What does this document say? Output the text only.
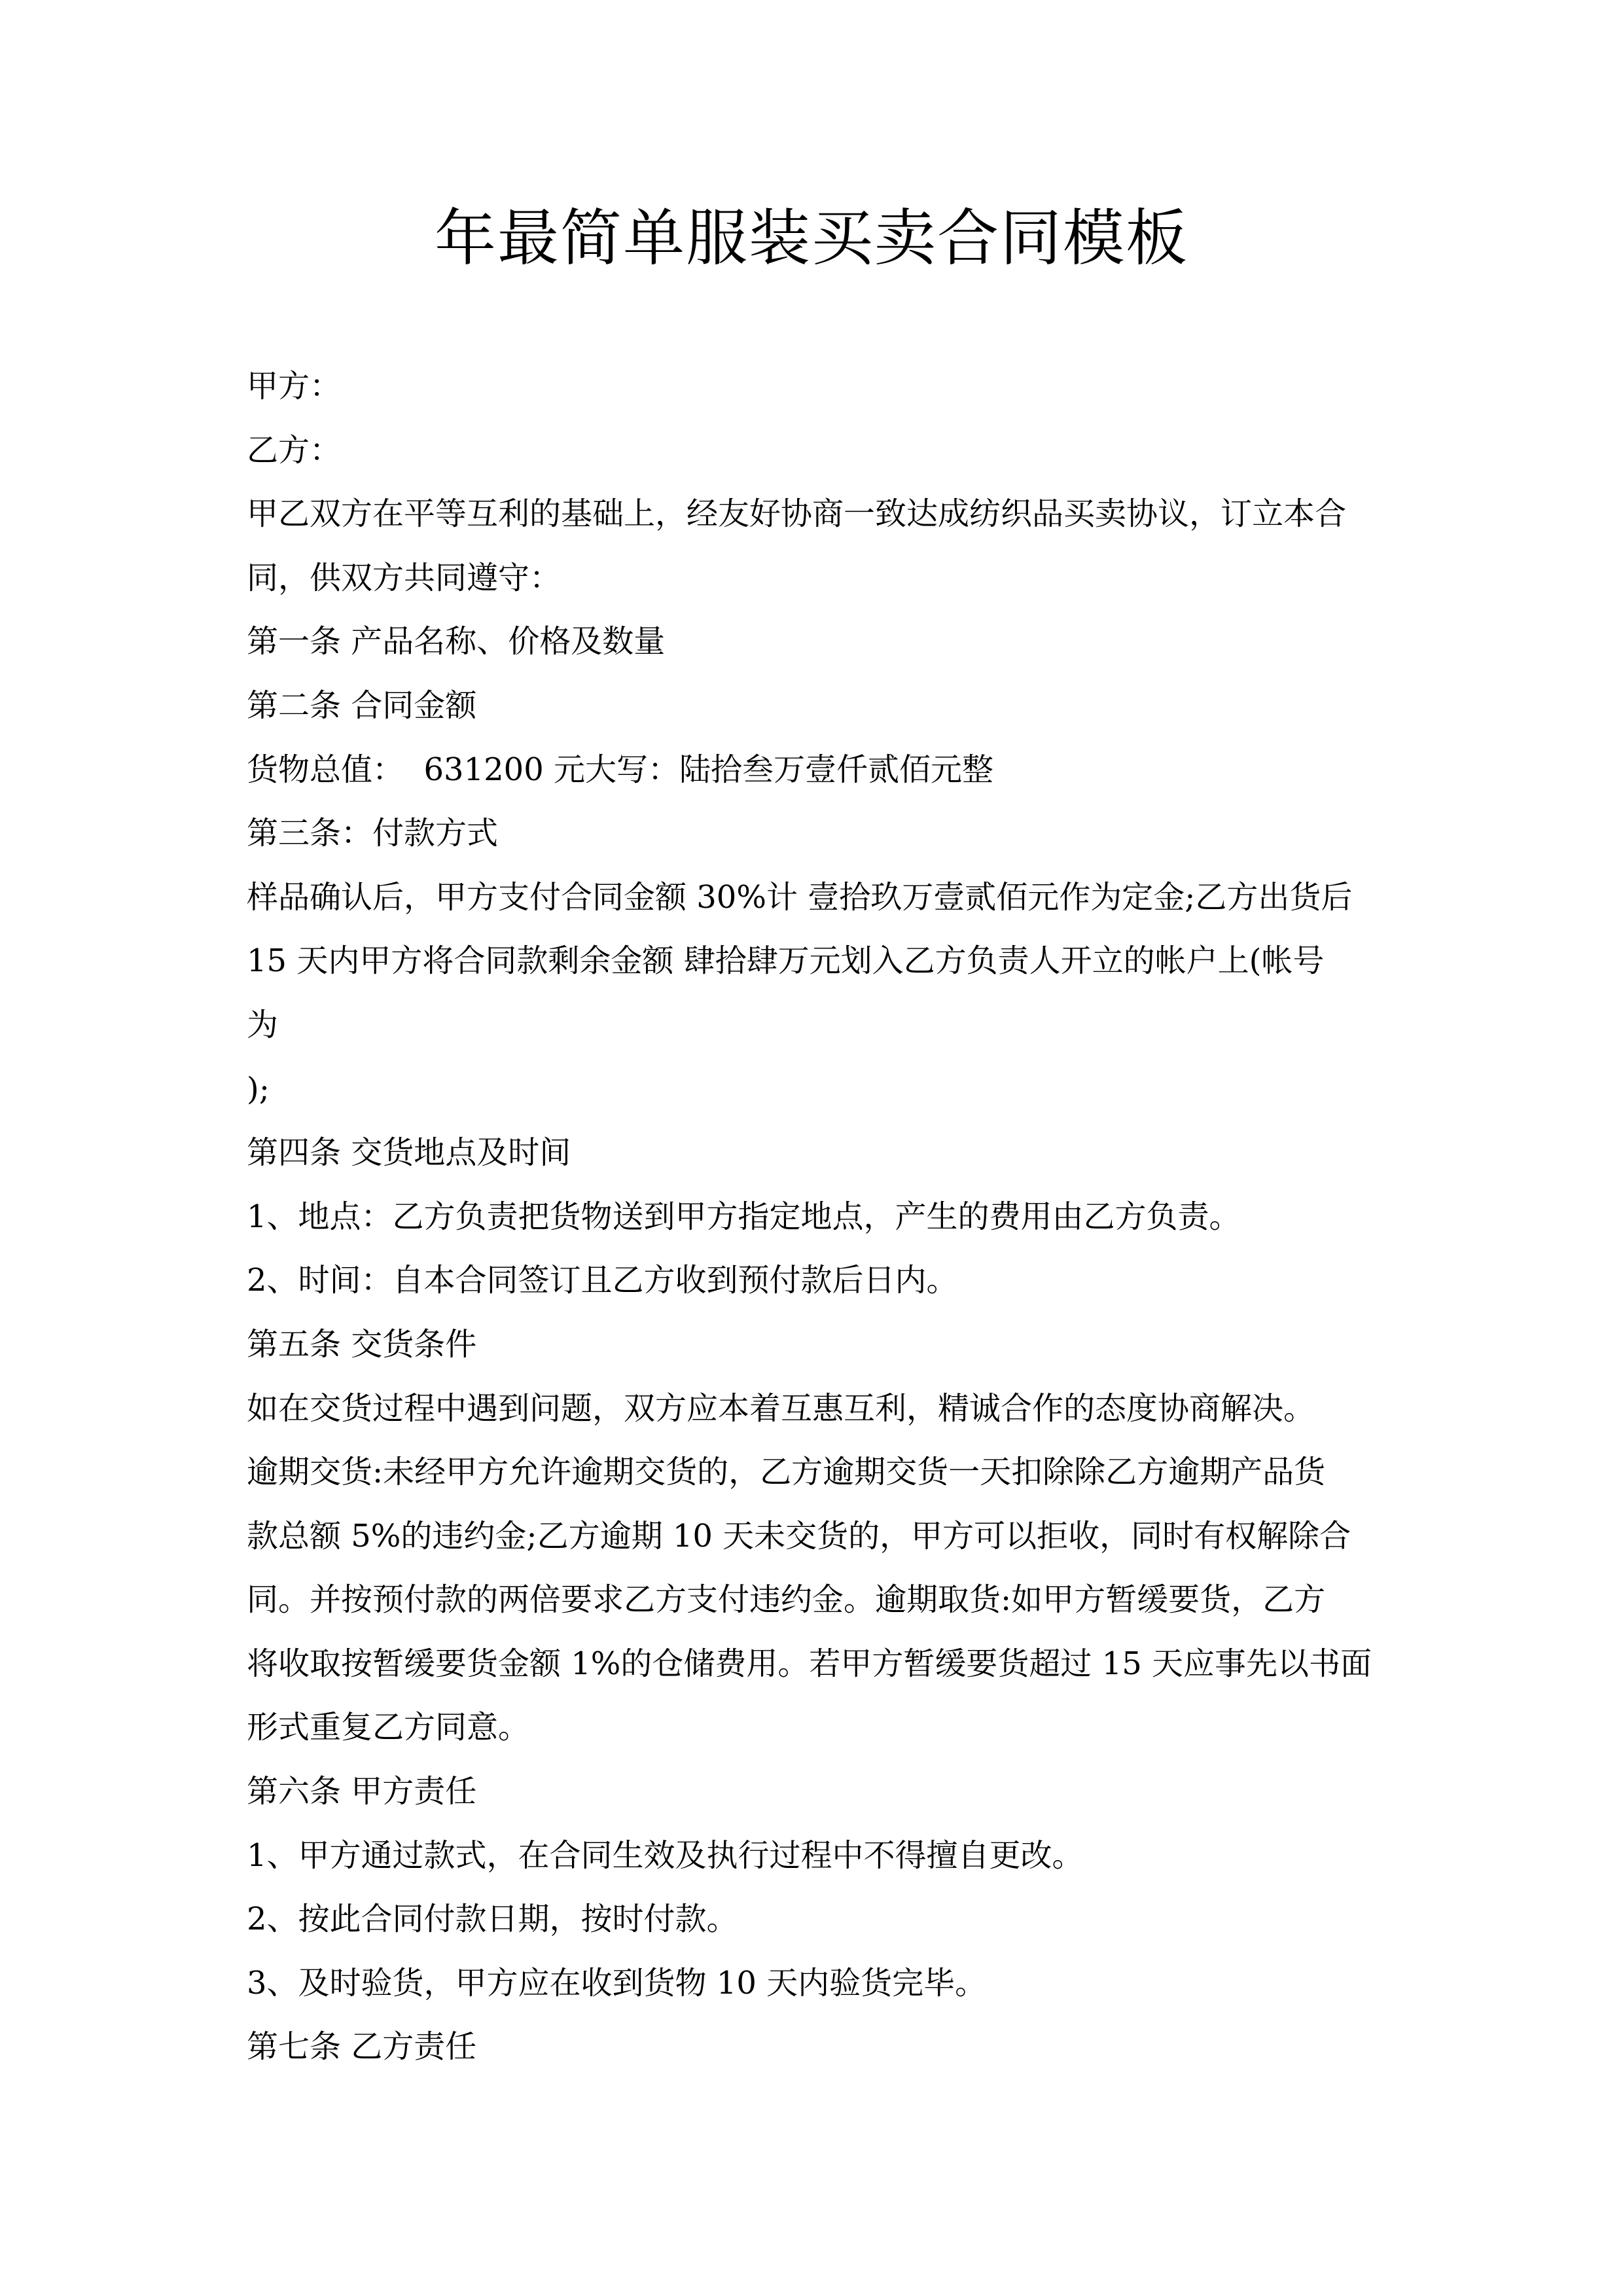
年最简单服装买卖合同模板
甲方：
乙方：
甲乙双方在平等互利的基础上，经友好协商一致达成纺织品买卖协议，订立本合
同，供双方共同遵守：
第一条 产品名称、价格及数量
第二条 合同金额
货物总值：  631200 元大写：陆拾叁万壹仟贰佰元整
第三条：付款方式
样品确认后，甲方支付合同金额 30%计 壹拾玖万壹贰佰元作为定金;乙方出货后
15 天内甲方将合同款剩余金额 肆拾肆万元划入乙方负责人开立的帐户上(帐号
为
);
第四条 交货地点及时间
1、地点：乙方负责把货物送到甲方指定地点，产生的费用由乙方负责。
2、时间：自本合同签订且乙方收到预付款后日内。
第五条 交货条件
如在交货过程中遇到问题，双方应本着互惠互利，精诚合作的态度协商解决。
逾期交货:未经甲方允许逾期交货的，乙方逾期交货一天扣除除乙方逾期产品货
款总额 5%的违约金;乙方逾期 10 天未交货的，甲方可以拒收，同时有权解除合
同。并按预付款的两倍要求乙方支付违约金。逾期取货:如甲方暂缓要货，乙方
将收取按暂缓要货金额 1%的仓储费用。若甲方暂缓要货超过 15 天应事先以书面
形式重复乙方同意。
第六条 甲方责任
1、甲方通过款式，在合同生效及执行过程中不得擅自更改。
2、按此合同付款日期，按时付款。
3、及时验货，甲方应在收到货物 10 天内验货完毕。
第七条 乙方责任
